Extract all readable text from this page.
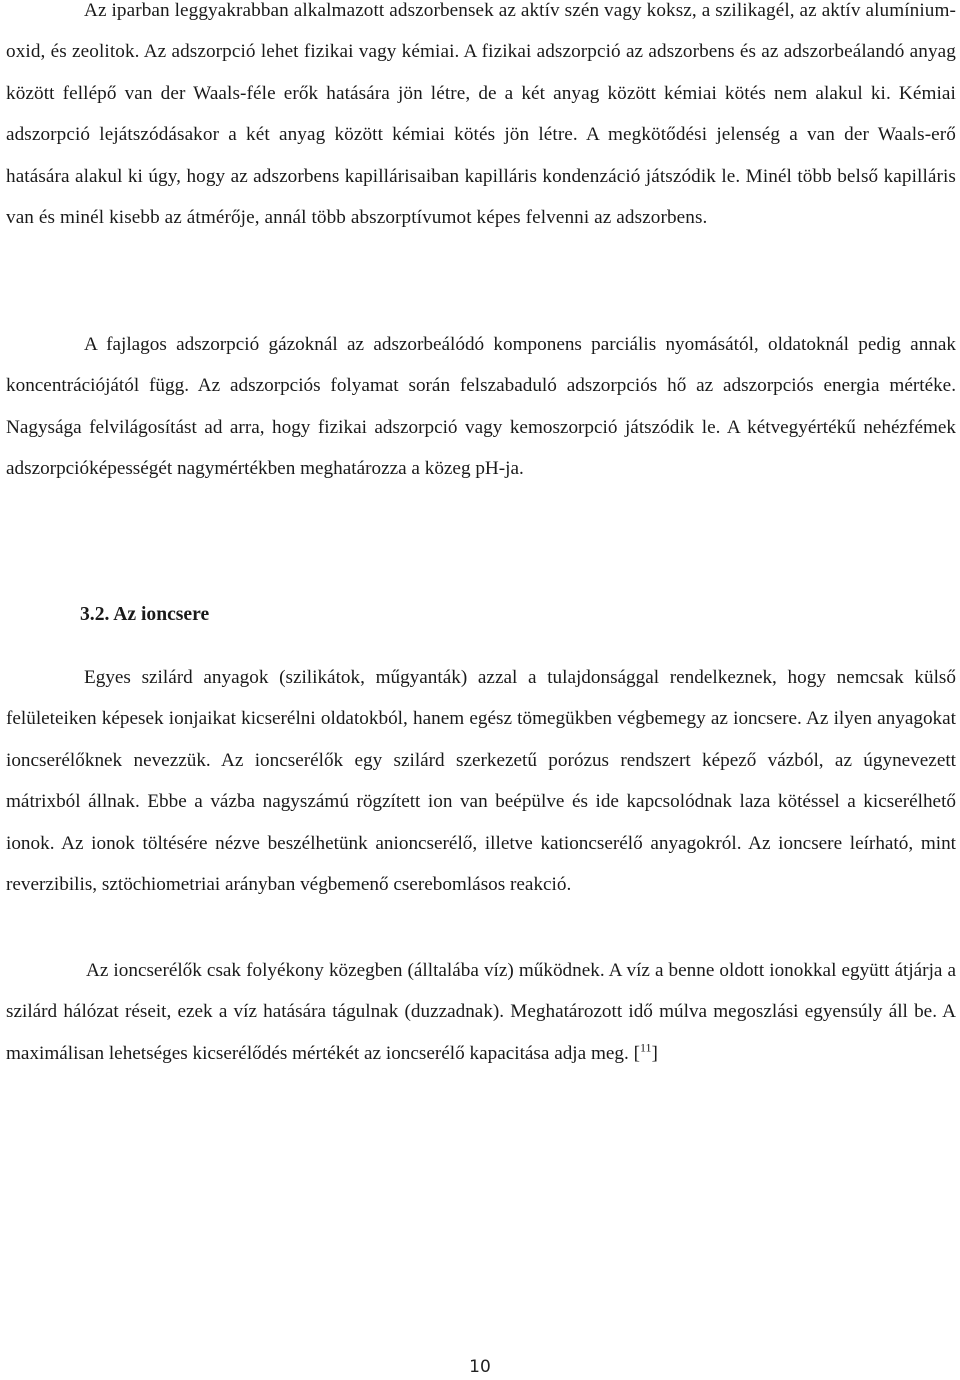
Az iparban leggyakrabban alkalmazott adszorbensek az aktív szén vagy koksz, a szilikagél, az aktív alumínium-oxid, és zeolitok. Az adszorpció lehet fizikai vagy kémiai. A fizikai adszorpció az adszorbens és az adszorbeálandó anyag között fellépő van der Waals-féle erők hatására jön létre, de a két anyag között kémiai kötés nem alakul ki. Kémiai adszorpció lejátszódásakor a két anyag között kémiai kötés jön létre. A megkötődési jelenség a van der Waals-erő hatására alakul ki úgy, hogy az adszorbens kapillárisaiban kapilláris kondenzáció játszódik le. Minél több belső kapilláris van és minél kisebb az átmérője, annál több abszorptívumot képes felvenni az adszorbens.

A fajlagos adszorpció gázoknál az adszorbeálódó komponens parciális nyomásától, oldatoknál pedig annak koncentrációjától függ. Az adszorpciós folyamat során felszabaduló adszorpciós hő az adszorpciós energia mértéke. Nagysága felvilágosítást ad arra, hogy fizikai adszorpció vagy kemoszorpció játszódik le. A kétvegyértékű nehézfémek adszorpcióképességét nagymértékben meghatározza a közeg pH-ja.

3.2. Az ioncsere

Egyes szilárd anyagok (szilikátok, műgyanták) azzal a tulajdonsággal rendelkeznek, hogy nemcsak külső felületeiken képesek ionjaikat kicserélni oldatokból, hanem egész tömegükben végbemegy az ioncsere. Az ilyen anyagokat ioncserélőknek nevezzük. Az ioncserélők egy szilárd szerkezetű porózus rendszert képező vázból, az úgynevezett mátrixból állnak. Ebbe a vázba nagyszámú rögzített ion van beépülve és ide kapcsolódnak laza kötéssel a kicserélhető ionok. Az ionok töltésére nézve beszélhetünk anioncserélő, illetve kationcserélő anyagokról. Az ioncsere leírható, mint reverzibilis, sztöchiometriai arányban végbemenő cserebomlásos reakció.

Az ioncserélők csak folyékony közegben (álltalába víz) működnek. A víz a benne oldott ionokkal együtt átjárja a szilárd hálózat réseit, ezek a víz hatására tágulnak (duzzadnak). Meghatározott idő múlva megoszlási egyensúly áll be. A maximálisan lehetséges kicserélődés mértékét az ioncserélő kapacitása adja meg. [$^{11}$]

10
